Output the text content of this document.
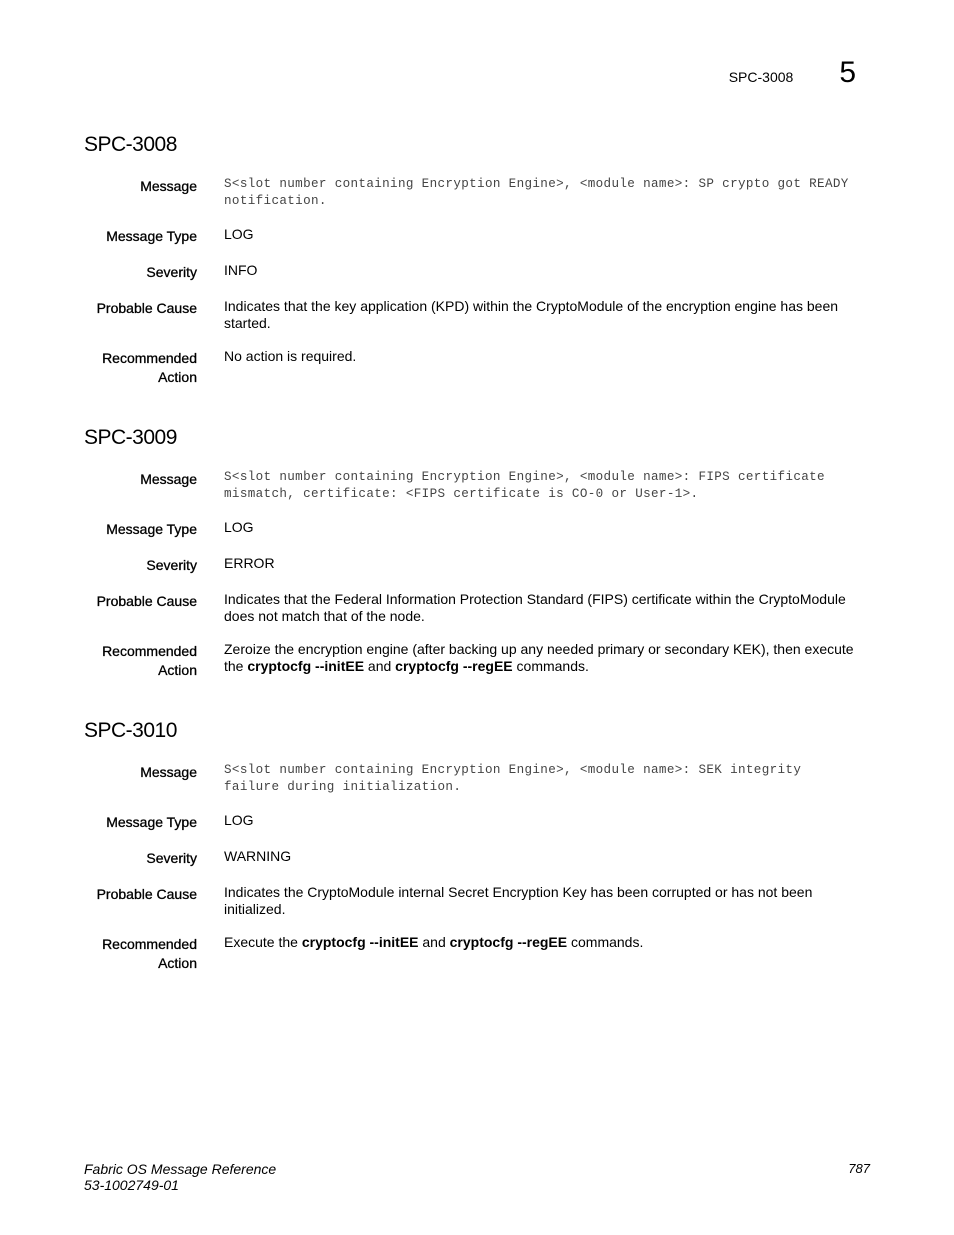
SPC-3008 5
SPC-3008
Message S<slot number containing Encryption Engine>, <module name>: SP crypto got READY notification.
Message Type LOG
Severity INFO
Probable Cause Indicates that the key application (KPD) within the CryptoModule of the encryption engine has been started.
Recommended
Action
No action is required.
SPC-3009
Message S<slot number containing Encryption Engine>, <module name>: FIPS certificate mismatch, certificate: <FIPS certificate is CO-0 or User-1>.
Message Type LOG
Severity ERROR
Probable Cause Indicates that the Federal Information Protection Standard (FIPS) certificate within the CryptoModule does not match that of the node.
Recommended
Action
Zeroize the encryption engine (after backing up any needed primary or secondary KEK), then execute the cryptocfg --initEE and cryptocfg --regEE commands.
SPC-3010
Message S<slot number containing Encryption Engine>, <module name>: SEK integrity failure during initialization.
Message Type LOG
Severity WARNING
Probable Cause Indicates the CryptoModule internal Secret Encryption Key has been corrupted or has not been initialized.
Recommended
Action
Execute the cryptocfg --initEE and cryptocfg --regEE commands.
Fabric OS Message Reference
53-1002749-01
787
